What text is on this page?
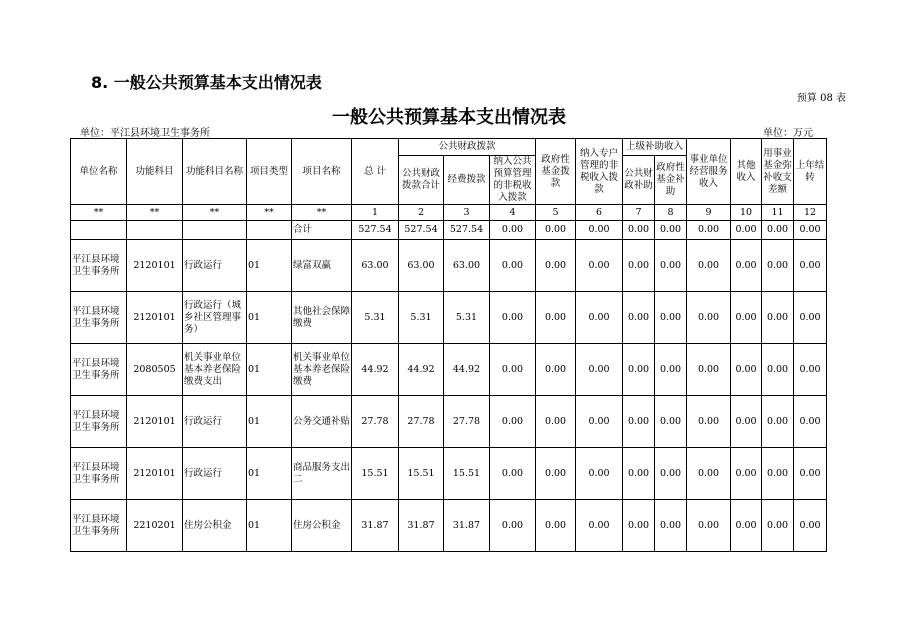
8. 一般公共预算基本支出情况表
预算 08 表
一般公共预算基本支出情况表
单位：平江县环境卫生事务所	单位：万元
单位名称	功能科目	功能科目名称	项目类型	项目名称	总 计	公共财政拨款			政府性基金拨款	纳入专户管理的非税收入拨款	上级补助收入		事业单位经营服务收入	其他收入	用事业基金弥补收支差额	上年结转
						公共财政拨款合计	经费拨款	纳入公共预算管理的非税收入拨款								
											公共财政补助	政府性基金补助				
**	**	**	**	**	1	2	3	4	5	6	7	8	9	10	11	12
				合计	527.54	527.54	527.54	0.00	0.00	0.00	0.00	0.00	0.00	0.00	0.00	0.00
平江县环境卫生事务所	2120101	行政运行	01	绿富双赢	63.00	63.00	63.00	0.00	0.00	0.00	0.00	0.00	0.00	0.00	0.00	0.00
平江县环境卫生事务所	2120101	行政运行（城乡社区管理事务）	01	其他社会保障缴费	5.31	5.31	5.31	0.00	0.00	0.00	0.00	0.00	0.00	0.00	0.00	0.00
平江县环境卫生事务所	2080505	机关事业单位基本养老保险缴费支出	01	机关事业单位基本养老保险缴费	44.92	44.92	44.92	0.00	0.00	0.00	0.00	0.00	0.00	0.00	0.00	0.00
平江县环境卫生事务所	2120101	行政运行	01	公务交通补贴	27.78	27.78	27.78	0.00	0.00	0.00	0.00	0.00	0.00	0.00	0.00	0.00
平江县环境卫生事务所	2120101	行政运行	01	商品服务支出二	15.51	15.51	15.51	0.00	0.00	0.00	0.00	0.00	0.00	0.00	0.00	0.00
平江县环境卫生事务所	2210201	住房公积金	01	住房公积金	31.87	31.87	31.87	0.00	0.00	0.00	0.00	0.00	0.00	0.00	0.00	0.00
